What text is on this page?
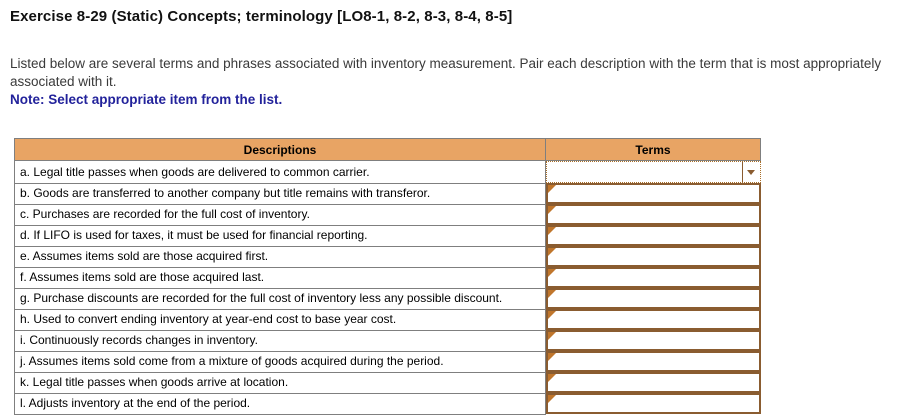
Exercise 8-29 (Static) Concepts; terminology [LO8-1, 8-2, 8-3, 8-4, 8-5]

Listed below are several terms and phrases associated with inventory measurement. Pair each description with the term that is most appropriately associated with it.

Note: Select appropriate item from the list.

Descriptions	Terms
a. Legal title passes when goods are delivered to common carrier.	

b. Goods are transferred to another company but title remains with transferor.	

c. Purchases are recorded for the full cost of inventory.	

d. If LIFO is used for taxes, it must be used for financial reporting.	

e. Assumes items sold are those acquired first.	

f. Assumes items sold are those acquired last.	

g. Purchase discounts are recorded for the full cost of inventory less any possible discount.	

h. Used to convert ending inventory at year-end cost to base year cost.	

i. Continuously records changes in inventory.	

j. Assumes items sold come from a mixture of goods acquired during the period.	

k. Legal title passes when goods arrive at location.	

l. Adjusts inventory at the end of the period.	
